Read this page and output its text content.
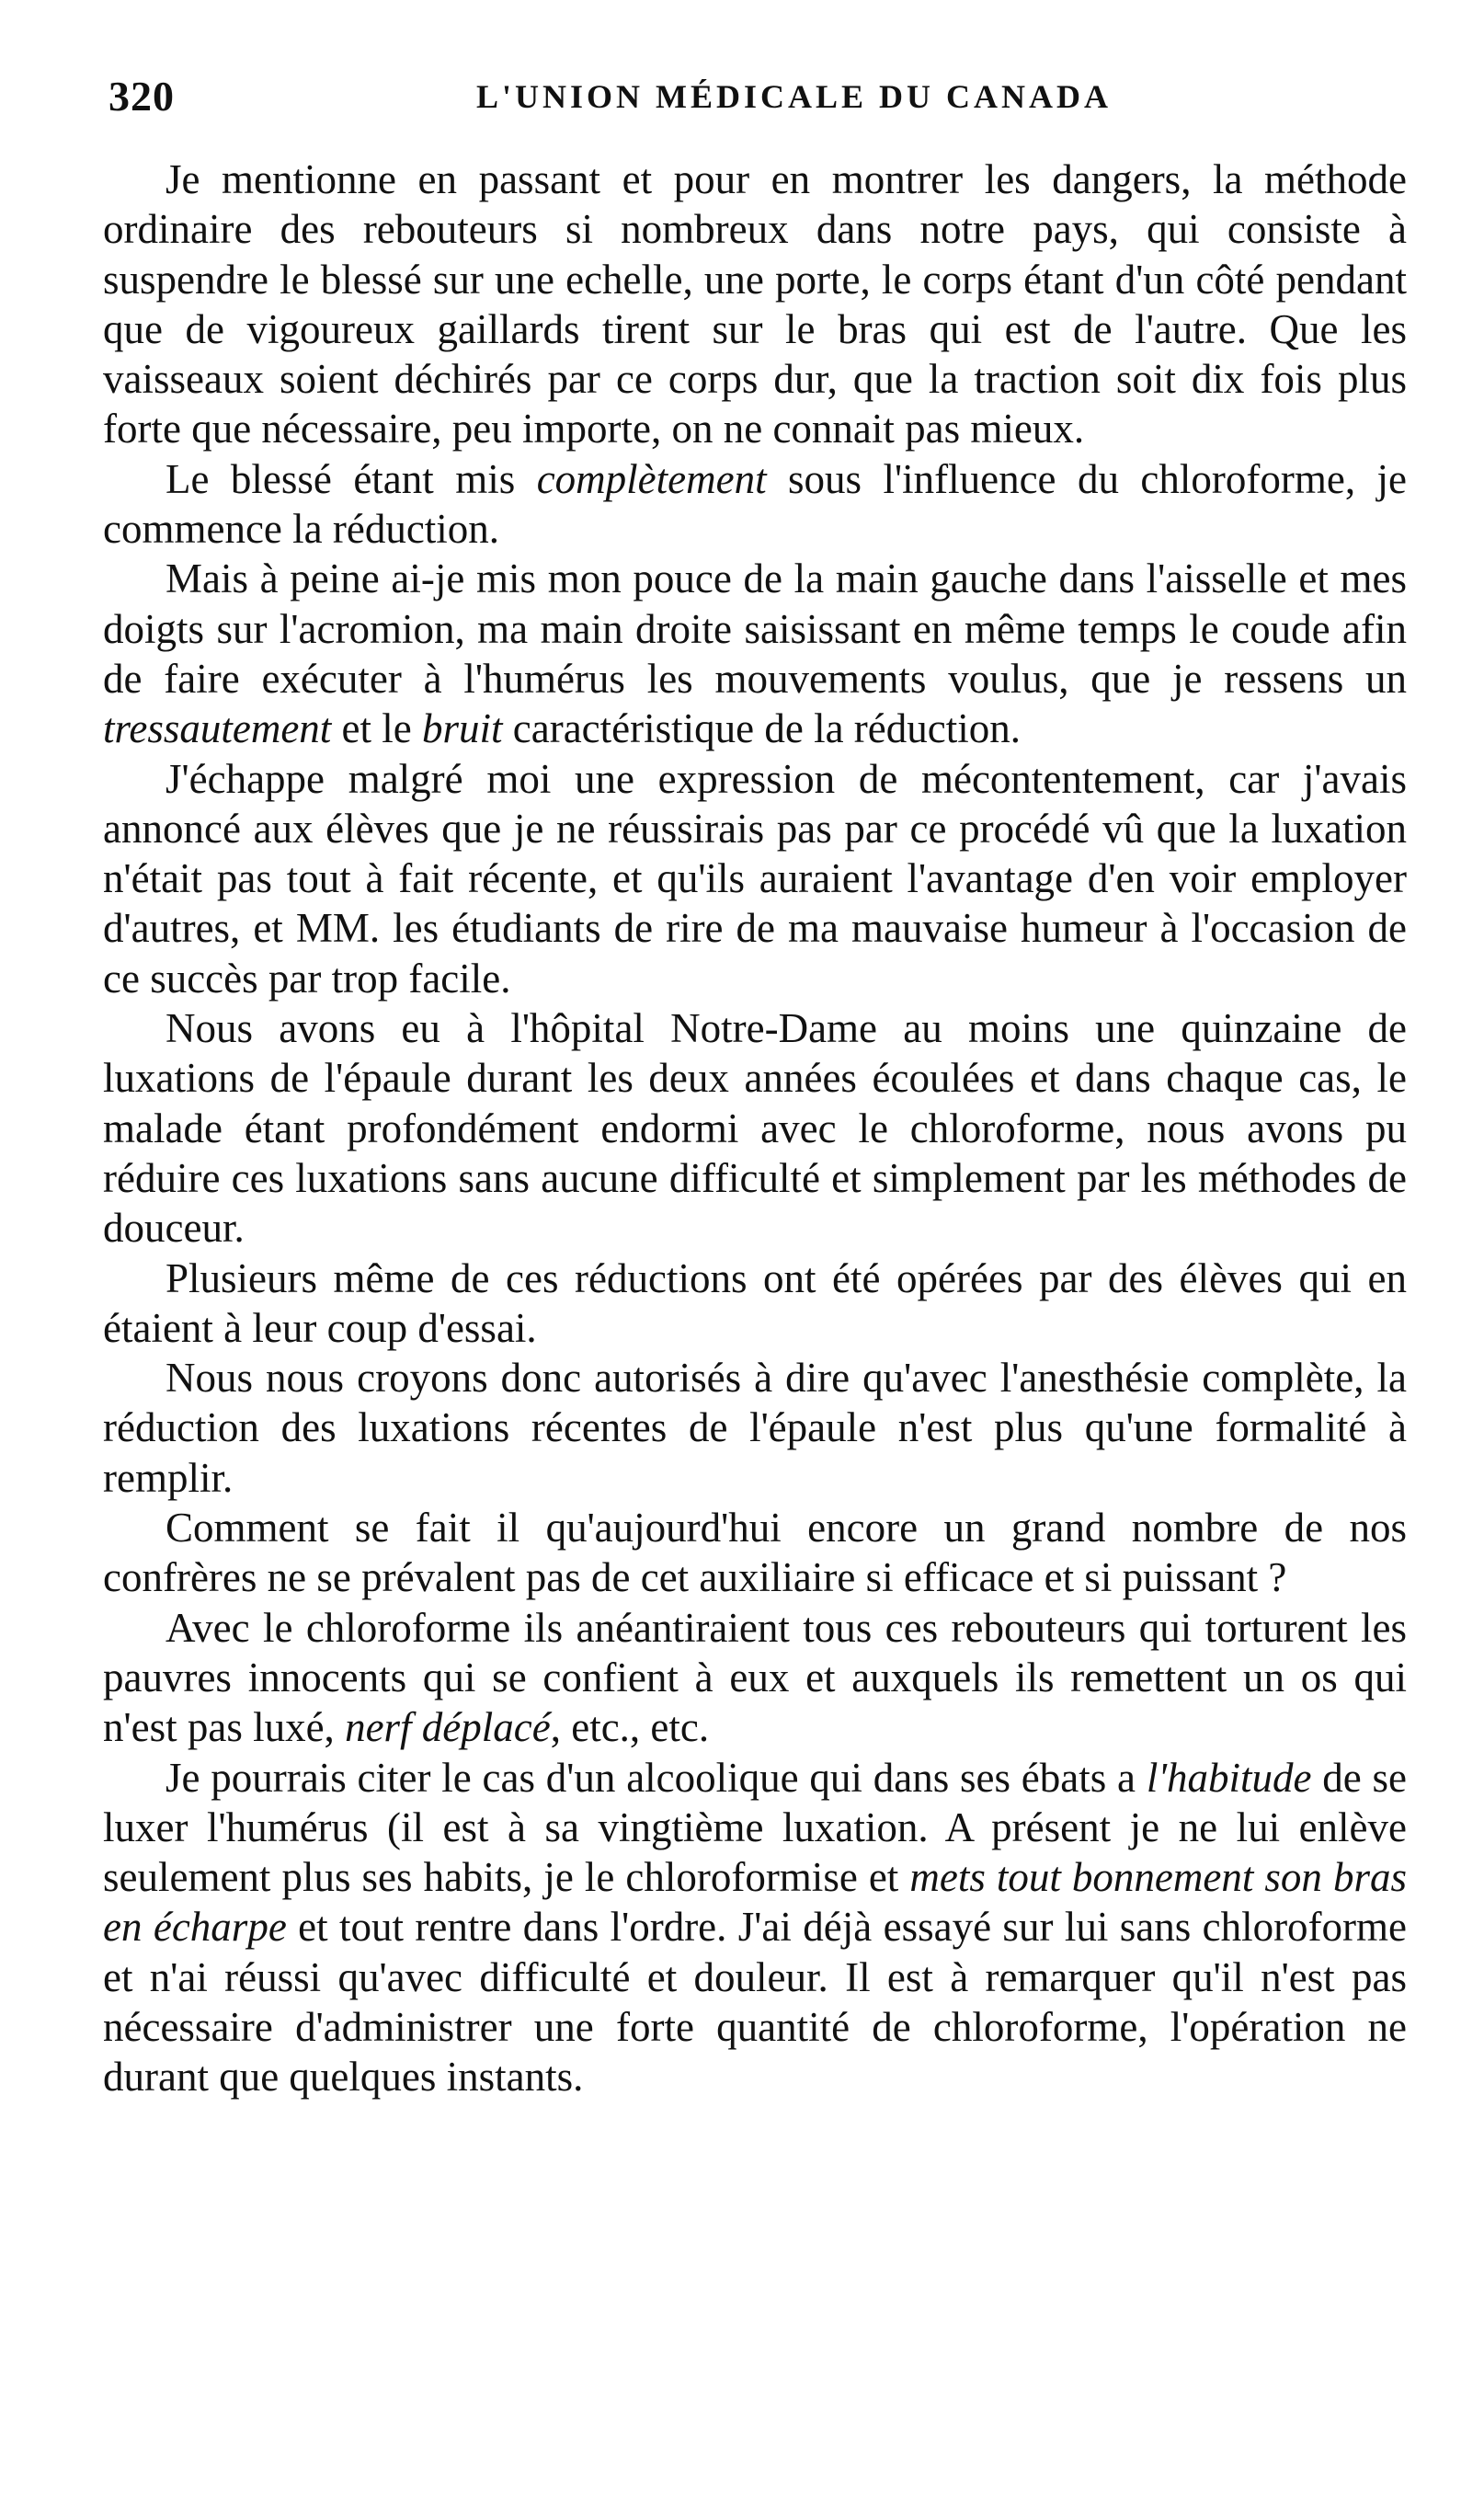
320	L'UNION MÉDICALE DU CANADA

Je mentionne en passant et pour en montrer les dangers, la méthode ordinaire des rebouteurs si nombreux dans notre pays, qui consiste à suspendre le blessé sur une echelle, une porte, le corps étant d'un côté pendant que de vigoureux gaillards tirent sur le bras qui est de l'autre. Que les vaisseaux soient déchirés par ce corps dur, que la traction soit dix fois plus forte que nécessaire, peu importe, on ne connait pas mieux.

Le blessé étant mis complètement sous l'influence du chloroforme, je commence la réduction.

Mais à peine ai-je mis mon pouce de la main gauche dans l'aisselle et mes doigts sur l'acromion, ma main droite saisissant en même temps le coude afin de faire exécuter à l'humérus les mouvements voulus, que je ressens un tressautement et le bruit caractéristique de la réduction.

J'échappe malgré moi une expression de mécontentement, car j'avais annoncé aux élèves que je ne réussirais pas par ce procédé vû que la luxation n'était pas tout à fait récente, et qu'ils auraient l'avantage d'en voir employer d'autres, et MM. les étudiants de rire de ma mauvaise humeur à l'occasion de ce succès par trop facile.

Nous avons eu à l'hôpital Notre-Dame au moins une quinzaine de luxations de l'épaule durant les deux années écoulées et dans chaque cas, le malade étant profondément endormi avec le chloroforme, nous avons pu réduire ces luxations sans aucune difficulté et simplement par les méthodes de douceur.

Plusieurs même de ces réductions ont été opérées par des élèves qui en étaient à leur coup d'essai.

Nous nous croyons donc autorisés à dire qu'avec l'anesthésie complète, la réduction des luxations récentes de l'épaule n'est plus qu'une formalité à remplir.

Comment se fait il qu'aujourd'hui encore un grand nombre de nos confrères ne se prévalent pas de cet auxiliaire si efficace et si puissant ?

Avec le chloroforme ils anéantiraient tous ces rebouteurs qui torturent les pauvres innocents qui se confient à eux et auxquels ils remettent un os qui n'est pas luxé, nerf déplacé, etc., etc.

Je pourrais citer le cas d'un alcoolique qui dans ses ébats a l'habitude de se luxer l'humérus (il est à sa vingtième luxation. A présent je ne lui enlève seulement plus ses habits, je le chloroformise et mets tout bonnement son bras en écharpe et tout rentre dans l'ordre. J'ai déjà essayé sur lui sans chloroforme et n'ai réussi qu'avec difficulté et douleur. Il est à remarquer qu'il n'est pas nécessaire d'administrer une forte quantité de chloroforme, l'opération ne durant que quelques instants.
